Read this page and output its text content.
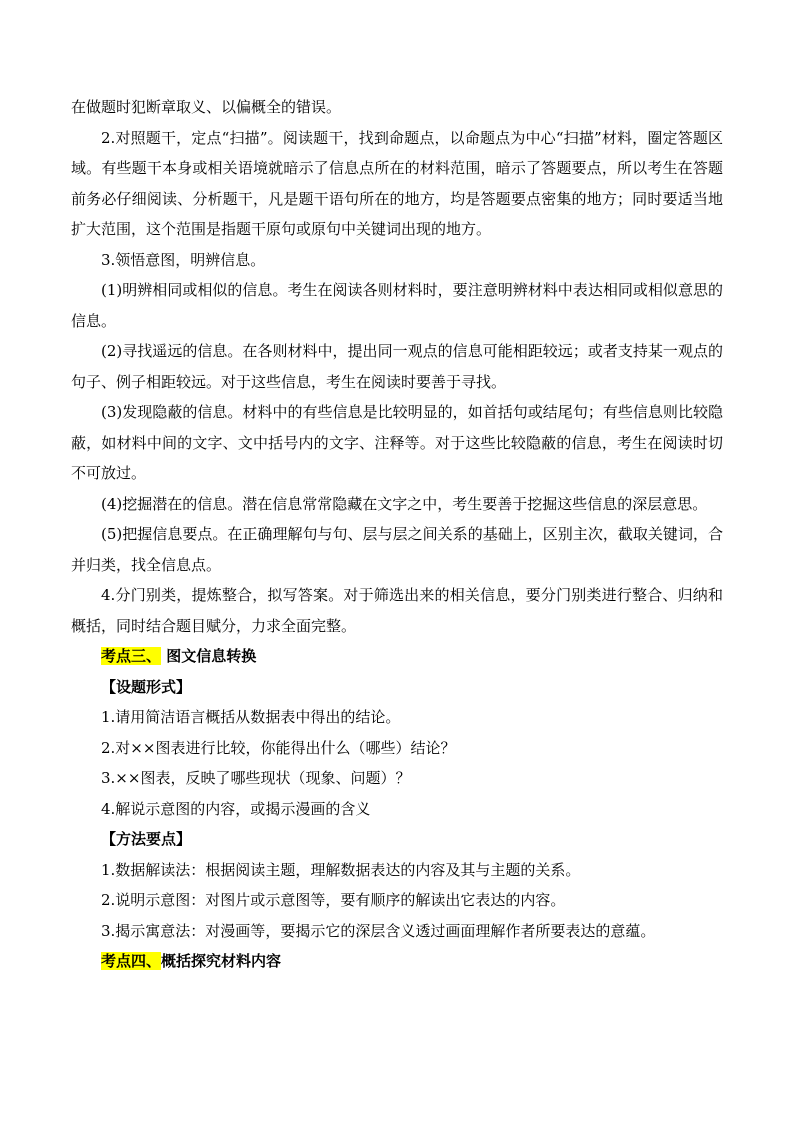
在做题时犯断章取义、以偏概全的错误。

2.对照题干，定点“扫描”。阅读题干，找到命题点，以命题点为中心“扫描”材料，圈定答题区域。有些题干本身或相关语境就暗示了信息点所在的材料范围，暗示了答题要点，所以考生在答题前务必仔细阅读、分析题干，凡是题干语句所在的地方，均是答题要点密集的地方；同时要适当地扩大范围，这个范围是指题干原句或原句中关键词出现的地方。

3.领悟意图，明辨信息。

(1)明辨相同或相似的信息。考生在阅读各则材料时，要注意明辨材料中表达相同或相似意思的信息。

(2)寻找遥远的信息。在各则材料中，提出同一观点的信息可能相距较远；或者支持某一观点的句子、例子相距较远。对于这些信息，考生在阅读时要善于寻找。

(3)发现隐蔽的信息。材料中的有些信息是比较明显的，如首括句或结尾句；有些信息则比较隐蔽，如材料中间的文字、文中括号内的文字、注释等。对于这些比较隐蔽的信息，考生在阅读时切不可放过。

(4)挖掘潜在的信息。潜在信息常常隐藏在文字之中，考生要善于挖掘这些信息的深层意思。

(5)把握信息要点。在正确理解句与句、层与层之间关系的基础上，区别主次，截取关键词，合并归类，找全信息点。

4.分门别类，提炼整合，拟写答案。对于筛选出来的相关信息，要分门别类进行整合、归纳和概括，同时结合题目赋分，力求全面完整。

考点三、 图文信息转换

【设题形式】

1.请用简洁语言概括从数据表中得出的结论。

2.对××图表进行比较，你能得出什么（哪些）结论？

3.××图表，反映了哪些现状（现象、问题）？

4.解说示意图的内容，或揭示漫画的含义

【方法要点】

1.数据解读法：根据阅读主题，理解数据表达的内容及其与主题的关系。

2.说明示意图：对图片或示意图等，要有顺序的解读出它表达的内容。

3.揭示寓意法：对漫画等，要揭示它的深层含义透过画面理解作者所要表达的意蕴。

考点四、概括探究材料内容
